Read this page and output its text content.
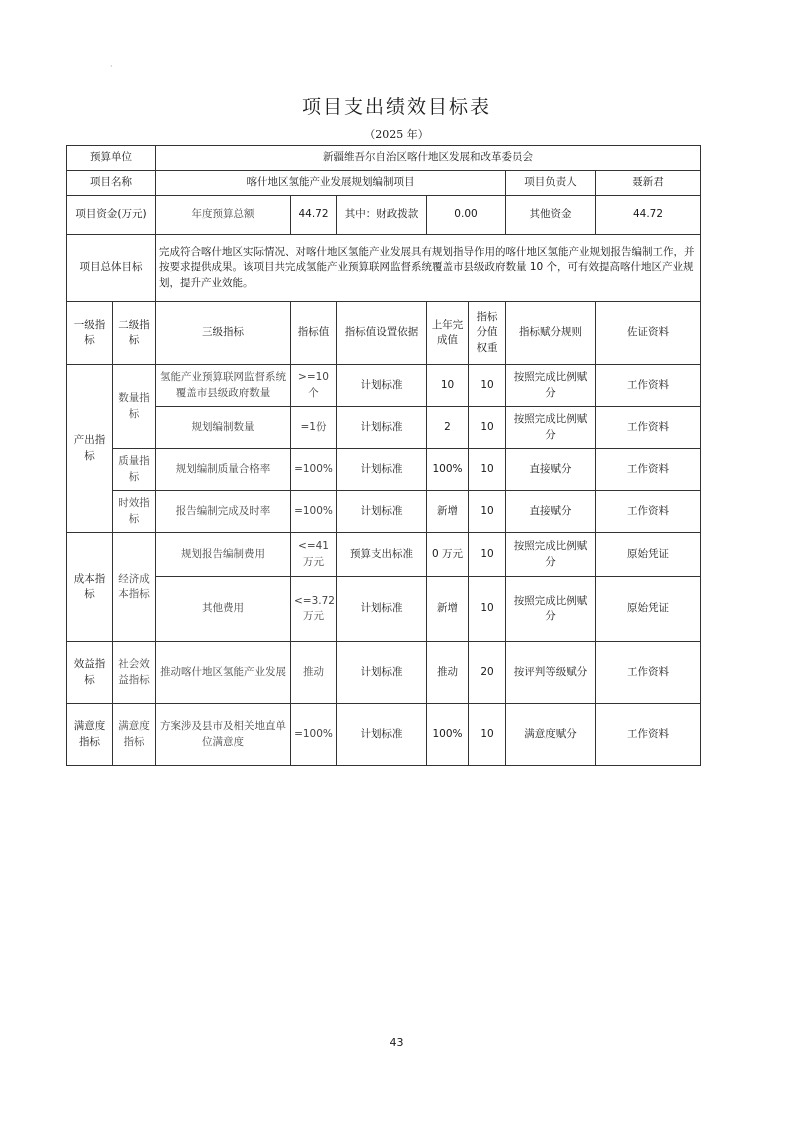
·
项目支出绩效目标表
（2025 年）
预算单位		新疆维吾尔自治区喀什地区发展和改革委员会						
项目名称		喀什地区氢能产业发展规划编制项目					项目负责人	聂新君
项目资金(万元)		年度预算总额	44.72	其中：财政拨款	0.00		其他资金	44.72
项目总体目标		完成符合喀什地区实际情况、对喀什地区氢能产业发展具有规划指导作用的喀什地区氢能产业规划报告编制工作，并按要求提供成果。该项目共完成氢能产业预算联网监督系统覆盖市县级政府数量 10 个，可有效提高喀什地区产业规划，提升产业效能。						
一级指标	二级指标	三级指标	指标值	指标值设置依据	上年完成值	指标分值权重	指标赋分规则	佐证资料
产出指标	数量指标	氢能产业预算联网监督系统覆盖市县级政府数量	>=10个	计划标准	10	10	按照完成比例赋分	工作资料
		规划编制数量	=1份	计划标准	2	10	按照完成比例赋分	工作资料
	质量指标	规划编制质量合格率	=100%	计划标准	100%	10	直接赋分	工作资料
	时效指标	报告编制完成及时率	=100%	计划标准	新增	10	直接赋分	工作资料
成本指标	经济成本指标	规划报告编制费用	<=41万元	预算支出标准	0 万元	10	按照完成比例赋分	原始凭证
		其他费用	<=3.72万元	计划标准	新增	10	按照完成比例赋分	原始凭证
效益指标	社会效益指标	推动喀什地区氢能产业发展	推动	计划标准	推动	20	按评判等级赋分	工作资料
满意度指标	满意度指标	方案涉及县市及相关地直单位满意度	=100%	计划标准	100%	10	满意度赋分	工作资料
43
